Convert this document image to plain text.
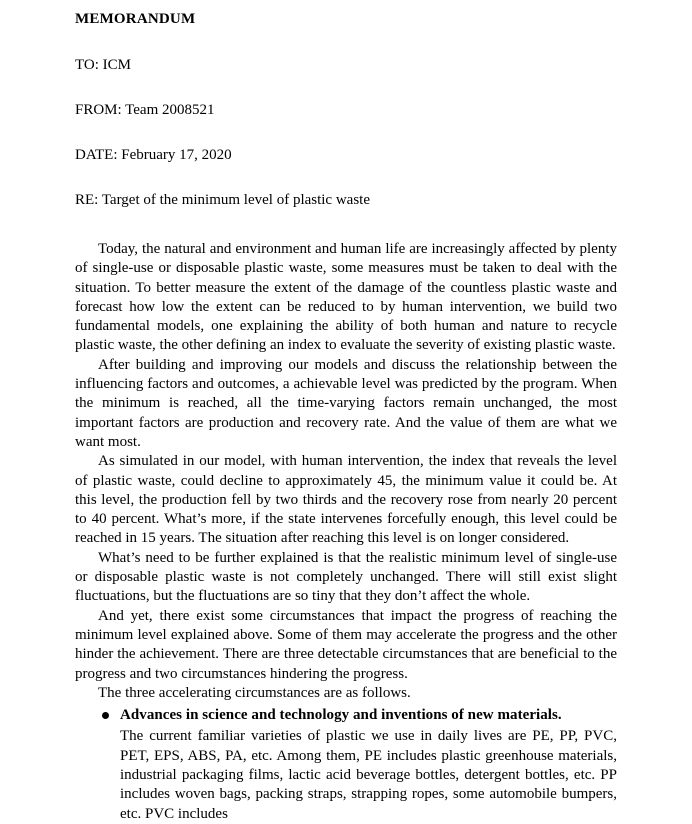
MEMORANDUM

TO: ICM

FROM: Team 2008521

DATE: February 17, 2020

RE: Target of the minimum level of plastic waste

Today, the natural and environment and human life are increasingly affected by plenty of single-use or disposable plastic waste, some measures must be taken to deal with the situation. To better measure the extent of the damage of the countless plastic waste and forecast how low the extent can be reduced to by human intervention, we build two fundamental models, one explaining the ability of both human and nature to recycle plastic waste, the other defining an index to evaluate the severity of existing plastic waste.

After building and improving our models and discuss the relationship between the influencing factors and outcomes, a achievable level was predicted by the program. When the minimum is reached, all the time-varying factors remain unchanged, the most important factors are production and recovery rate. And the value of them are what we want most.

As simulated in our model, with human intervention, the index that reveals the level of plastic waste, could decline to approximately 45, the minimum value it could be. At this level, the production fell by two thirds and the recovery rose from nearly 20 percent to 40 percent. What’s more, if the state intervenes forcefully enough, this level could be reached in 15 years. The situation after reaching this level is on longer considered.

What’s need to be further explained is that the realistic minimum level of single-use or disposable plastic waste is not completely unchanged. There will still exist slight fluctuations, but the fluctuations are so tiny that they don’t affect the whole.

And yet, there exist some circumstances that impact the progress of reaching the minimum level explained above. Some of them may accelerate the progress and the other hinder the achievement. There are three detectable circumstances that are beneficial to the progress and two circumstances hindering the progress.

The three accelerating circumstances are as follows.

Advances in science and technology and inventions of new materials.

The current familiar varieties of plastic we use in daily lives are PE, PP, PVC, PET, EPS, ABS, PA, etc. Among them, PE includes plastic greenhouse materials, industrial packaging films, lactic acid beverage bottles, detergent bottles, etc. PP includes woven bags, packing straps, strapping ropes, some automobile bumpers, etc. PVC includes
